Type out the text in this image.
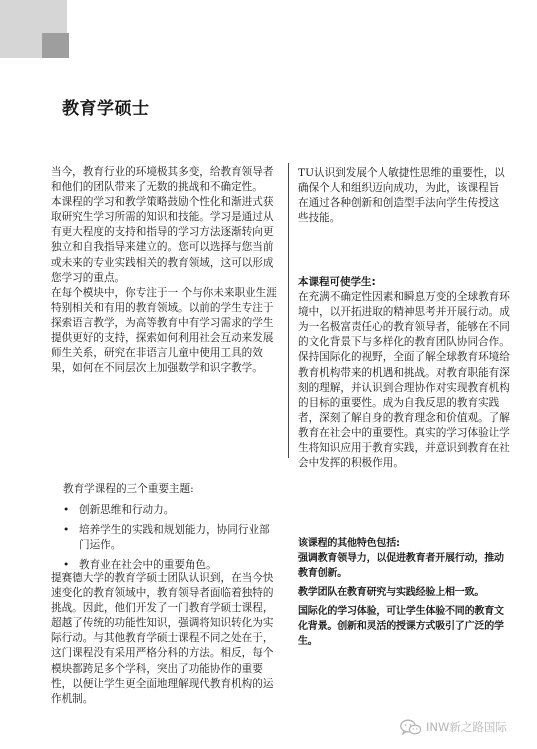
教育学硕士

当今，教育行业的环境极其多变，给教育领导者和他们的团队带来了无数的挑战和不确定性。

本课程的学习和教学策略鼓励个性化和渐进式获取研究生学习所需的知识和技能。学习是通过从有更大程度的支持和指导的学习方法逐渐转向更独立和自我指导来建立的。您可以选择与您当前或未来的专业实践相关的教育领域，这可以形成您学习的重点。

在每个模块中，你专注于一 个与你未来职业生涯特别相关和有用的教育领域。以前的学生专注于探索语言教学，为高等教育中有学习需求的学生提供更好的支持，探索如何利用社会互动来发展师生关系，研究在非语言儿童中使用工具的效果，如何在不同层次上加强数学和识字教学。

TU认识到发展个人敏捷性思维的重要性，以确保个人和组织迈向成功，为此，该课程旨在通过各种创新和创造型手法向学生传授这些技能。

本课程可使学生:

在充满不确定性因素和瞬息万变的全球教育环境中，以开拓进取的精神思考并开展行动。成为一名极富责任心的教育领导者，能够在不同的文化背景下与多样化的教育团队协同合作。保持国际化的视野，全面了解全球教育环境给教育机构带来的机遇和挑战。对教育职能有深刻的理解，并认识到合理协作对实现教育机构的目标的重要性。成为自我反思的教育实践者，深刻了解自身的教育理念和价值观。了解教育在社会中的重要性。真实的学习体验让学生将知识应用于教育实践，并意识到教育在社会中发挥的积极作用。

教育学课程的三个重要主题:

• 创新思维和行动力。
• 培养学生的实践和规划能力，协同行业部门运作。
• 教育业在社会中的重要角色。

提赛德大学的教育学硕士团队认识到，在当今快速变化的教育领域中，教育领导者面临着独特的挑战。因此，他们开发了一门教育学硕士课程，超越了传统的功能性知识，强调将知识转化为实际行动。与其他教育学硕士课程不同之处在于，这门课程没有采用严格分科的方法。相反，每个模块都跨足多个学科，突出了功能协作的重要性，以便让学生更全面地理解现代教育机构的运作机制。

该课程的其他特色包括:

强调教育领导力，以促进教育者开展行动，推动教育创新。

教学团队在教育研究与实践经验上相一致。

国际化的学习体验，可让学生体验不同的教育文化背景。创新和灵活的授课方式吸引了广泛的学生。

INW新之路国际
